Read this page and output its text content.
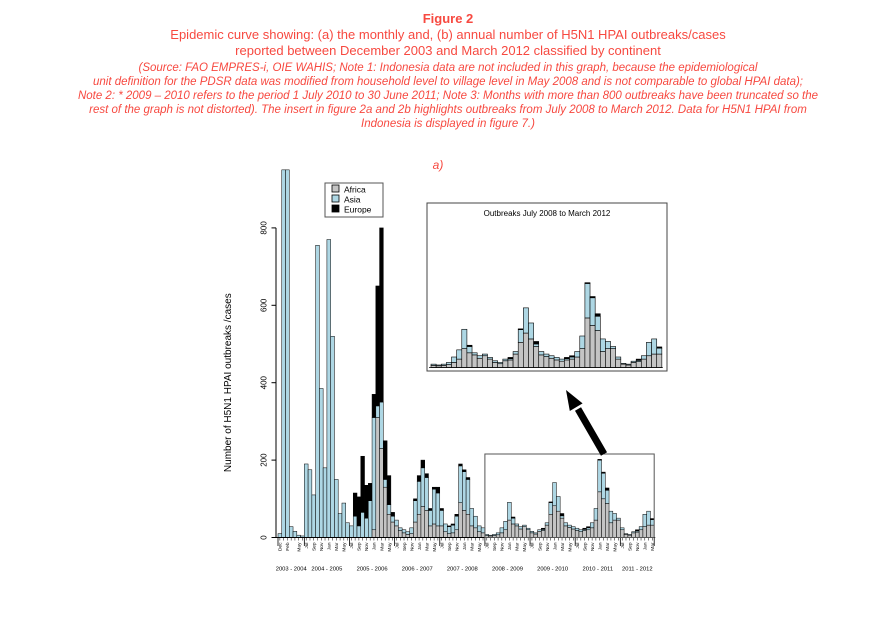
Figure 2
Epidemic curve showing: (a) the monthly and, (b) annual number of H5N1 HPAI outbreaks/cases
reported between December 2003 and March 2012 classified by continent
(Source: FAO EMPRES-i, OIE WAHIS; Note 1: Indonesia data are not included in this graph, because the epidemiological
unit definition for the PDSR data was modified from household level to village level in May 2008 and is not comparable to global HPAI data);
Note 2: * 2009 – 2010 refers to the period 1 July 2010 to 30 June 2011; Note 3: Months with more than 800 outbreaks have been truncated so the
rest of the graph is not distorted). The insert in figure 2a and 2b highlights outbreaks from July 2008 to March 2012. Data for H5N1 HPAI from
Indonesia is displayed in figure 7.)
a)
0
200
400
600
800
Number of H5N1 HPAI outbreaks /cases
Dec Feb May Jul Sep Nov Jan Mar May Jul Sep Nov Jan Mar May Jul Sep Nov Jan Mar May Jul Sep Nov Jan Mar May Jul Sep Nov Jan Mar May Jul Sep Nov Jan Mar May Jul Sep Nov Jan Mar May Jul Sep Nov Jan Mar
2003 - 2004 2004 - 2005 2005 - 2006 2006 - 2007 2007 - 2008 2008 - 2009 2009 - 2010 2010 - 2011 2011 - 2012
Africa
Asia
Europe	Outbreaks July 2008 to March 2012
